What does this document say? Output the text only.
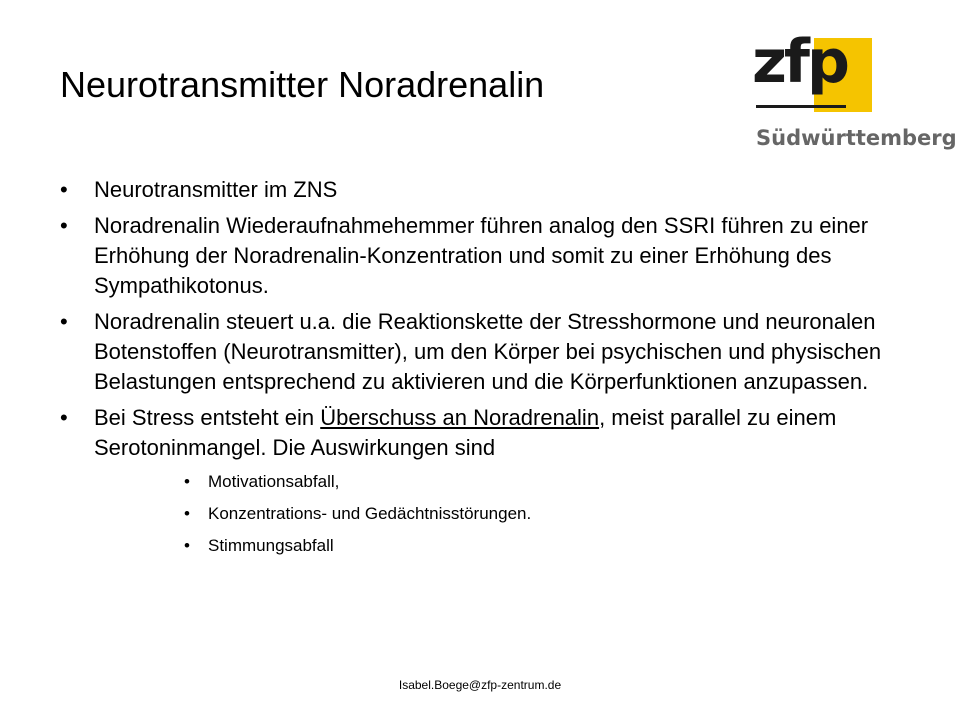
Neurotransmitter Noradrenalin	zfp
Südwürttemberg
• Neurotransmitter im ZNS
• Noradrenalin Wiederaufnahmehemmer führen analog den SSRI führen zu einer Erhöhung der Noradrenalin-Konzentration und somit zu einer Erhöhung des Sympathikotonus.
• Noradrenalin steuert u.a. die Reaktionskette der Stresshormone und neuronalen Botenstoffen (Neurotransmitter), um den Körper bei psychischen und physischen Belastungen entsprechend zu aktivieren und die Körperfunktionen anzupassen.
• Bei Stress entsteht ein Überschuss an Noradrenalin, meist parallel zu einem Serotoninmangel. Die Auswirkungen sind
• Motivationsabfall,
• Konzentrations- und Gedächtnisstörungen.
• Stimmungsabfall
Isabel.Boege@zfp-zentrum.de
